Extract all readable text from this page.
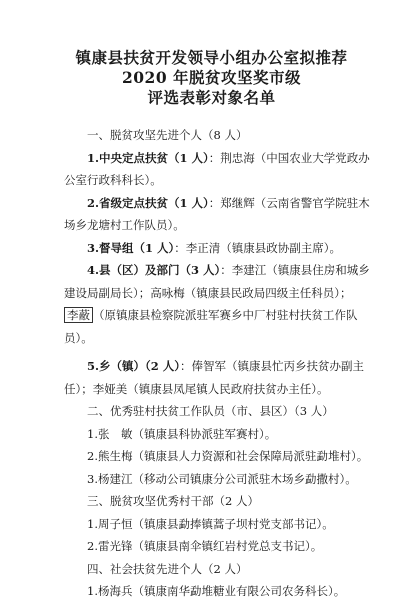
镇康县扶贫开发领导小组办公室拟推荐
2020 年脱贫攻坚奖市级
评选表彰对象名单
一、脱贫攻坚先进个人（8 人）
1.中央定点扶贫（1 人）：荆忠海（中国农业大学党政办
公室行政科科长）。
2.省级定点扶贫（1 人）：郑继辉（云南省警官学院驻木
场乡龙塘村工作队员）。
3.督导组（1 人）：李正清（镇康县政协副主席）。
4.县（区）及部门（3 人）：李建江（镇康县住房和城乡
建设局副局长）；高咏梅（镇康县民政局四级主任科员）；
李蔽 （原镇康县检察院派驻军赛乡中厂村驻村扶贫工作队
员）。
5.乡（镇）（2 人）：俸智军（镇康县忙丙乡扶贫办副主
任）；李娅美（镇康县凤尾镇人民政府扶贫办主任）。
二、优秀驻村扶贫工作队员（市、县区）（3 人）
1.张　敏（镇康县科协派驻军赛村）。
2.熊生梅（镇康县人力资源和社会保障局派驻勐堆村）。
3.杨建江（移动公司镇康分公司派驻木场乡勐撒村）。
三、脱贫攻坚优秀村干部（2 人）
1.周子恒（镇康县勐捧镇蒿子坝村党支部书记）。
2.雷光锋（镇康县南伞镇红岩村党总支书记）。
四、社会扶贫先进个人（2 人）
1.杨海兵（镇康南华勐堆糖业有限公司农务科长）。
